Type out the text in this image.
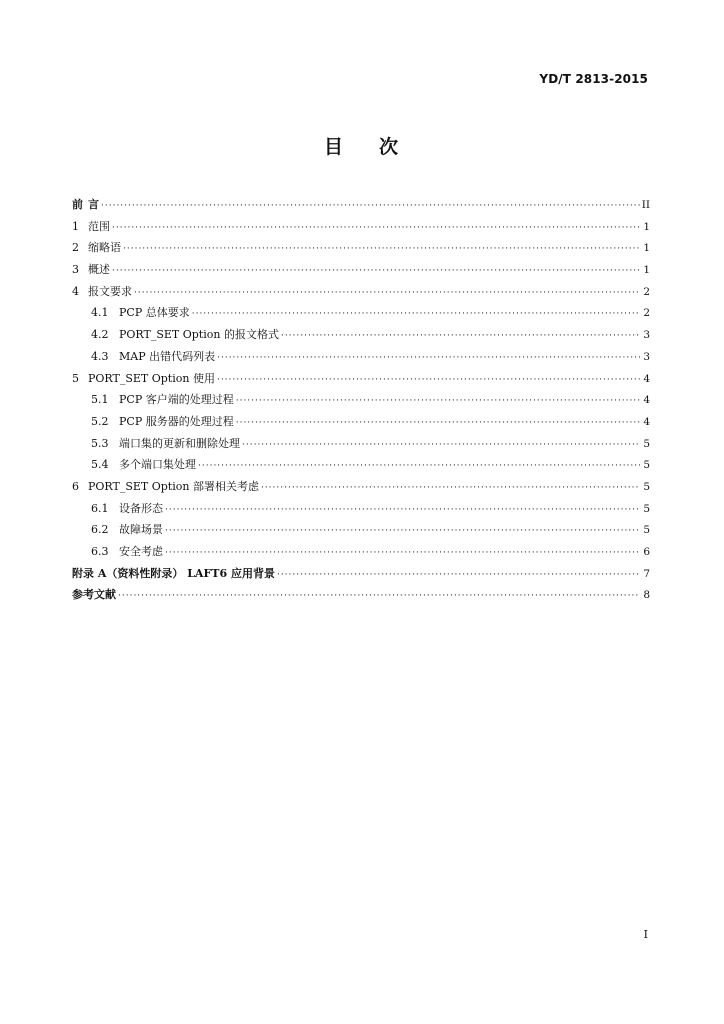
YD/T 2813-2015
目 次
前 言 ·····	II
1 范围 ·····	1
2 缩略语 ·····	1
3 概述 ·····	1
4 报文要求 ·····	2
4.1 PCP 总体要求 ·····	2
4.2 PORT_SET Option 的报文格式 ·····	3
4.3 MAP 出错代码列表 ·····	3
5 PORT_SET Option 使用 ·····	4
5.1 PCP 客户端的处理过程 ·····	4
5.2 PCP 服务器的处理过程 ·····	4
5.3 端口集的更新和删除处理 ·····	5
5.4 多个端口集处理 ·····	5
6 PORT_SET Option 部署相关考虑 ·····	5
6.1 设备形态 ·····	5
6.2 故障场景 ·····	5
6.3 安全考虑 ·····	6
附录 A（资料性附录） LAFT6 应用背景 ·····	7
参考文献 ·····	8
I
